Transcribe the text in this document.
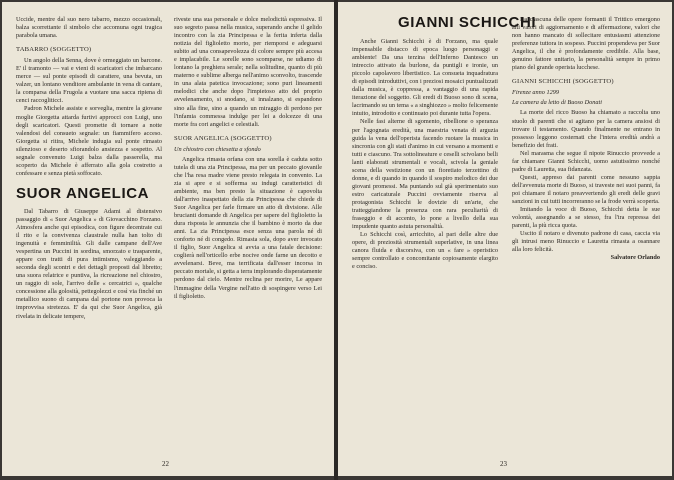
Uccide, mentre dal suo nero tabarro, mezzo occasionali, balza scorrettante il simbolo che accomuna ogni tragica parabola umana.

TABARRO (SOGGETTO)

Un angolo della Senna, dove è ormeggiato un barcone. E' il tramonto — vai e vieni di scaricatori che imbarcano merce — sul ponte episodi di carattere, una bevuta, un valzer, un lontano venditore ambulante in vena di cantare, la comparsa della Frugola a vuotare una sacca ripiena di cenci raccogliticci.

Padron Michele assiste e sorveglia, mentre la giovane moglie Giorgetta attarda furtivi approcci con Luigi, uno degli scaricatori. Questi promette di tornare a notte valendosi del consueto segnale: un fiammifero acceso. Giorgetta si ritira, Michele indugia sul ponte rimasto silenzioso e deserto sfiorandolo ansiezza e sospetto. Al segnale convenuto Luigi balza dalla passerella, ma scoperto da Michele è afferrato alla gola costretto a confessare e senza pietà soffocato.

SUOR ANGELICA

Dal Tabarro di Giuseppe Adami al distensivo passaggio di « Suor Angelica » di Giovacchino Forzano. Atmosfera anche qui episodica, con figure decentrate cui il rito e la convivenza claustrale nulla han tolto di ingenuità e femminilità. Gli dalle campane dell'Ave vespertina un Puccini in sordina, smorzato e trasparente, appare con tratti di pura intimismo, valeggiando a seconda degli scontri e dei dettagli proposti dal libretto; una suora relatrice e puntiva, la ricreazione nel chiostro, un raggio di sole, l'arrivo delle « cercatrici », qualche concessione alla golosità, pettegolezzi e così via finché un metallico suono di campana dal portone non provoca la improvvisa stretezza. E' da qui che Suor Angelica, già rivelata in delicate tempere,

riveste una sua personale e dolce melodicità espressiva. Il suo segreto passa nella musica, superando anche il gelido incontro con la zia Principessa e la ferita inferta dalla notizia del figlioletto morto, per riemporsi e adeguarsi subito ad una consapevolezza di colore sempre più accesa e implacabile. Le sorelle sono scomparse, ne udiamo di lontano la preghiera serale; nella solitudine, quanto di più materno e sublime alberga nell'animo sconvolto, trascende in una alata patetica invocazione; sono puri lineamenti melodici che anche dopo l'impietoso atto del proprio avvelenamento, si snodano, si innalzano, si espandono sino alla fine, sino a quando un miraggio di perdono per l'infamia commessa indulge per lei a dolcezze di una morte fra cori angelici e celestiali.

SUOR ANGELICA (SOGGETTO)
Un chiostro con chiesetta a sfondo

Angelica rimasta orfana con una sorella è caduta sotto tutela di una zia Principessa, ma per un peccato giovanile che l'ha resa madre viene presto relegata in convento. La zia si apre e si sofferma su indugi caratteristici di ambiente, ma ben presto la situazione è capovolta dall'arrivo inaspettato della zia Principessa che chiede di Suor Angelica per farle firmare un atto di divisione. Alle brucianti domande di Angelica per sapere del figlioletto la dura risposta le annunzia che il bambino è morto da due anni. La zia Principessa esce senza una parola né di conforto né di congedo. Rimasta sola, dopo aver invocato il figlio, Suor Angelica si avvia a una fatale decisione: coglierà nell'orticello erbe nocive onde farne un decotto e avvelenarsi. Beve, ma terrificata dall'esser incorsa in peccato mortale, si getta a terra implorando disperatamente perdono dal cielo. Mentre reclina per morire, Le appare l'immagine della Vergine nell'atto di sospingere verso Lei il figlioletto.

22
GIANNI SCHICCHI

Anche Gianni Schicchi è di Forzano, ma quale impensabile distacco di epoca luogo personaggi e ambiente! Da una terzina dell'Inferno Dantesco un intreccio attivato da burlone, da puntigli e ironie, un piccolo capolavoro libertistico. La consueta inquadratura di episodi introduttivi, con i preziosi mosaici puntualizzati dalla musica, è coppressa, a vantaggio di una rapida iterazione del soggetto. Gli eredi di Buoso sono di scena, lacrimando su un tema « a singhiozzo » molto felicemente intuito, introdotto e continuato poi durante tutta l'opera.

Nelle fasi alterne di sgomento, ribellione o speranza per l'agognata eredità, una maestria venata di arguzia guida la vena dell'operista facendo ruotare la musica in sincronia con gli stati d'animo in cui versano a momenti e tutti e ciascuno. Tra sottolineature e ceselli scivolano belli lanti elaborati strumentali e vocali, scivola la geniale scena della vestizione con un fioretiato terzettino di donne, e di quando in quando il sospiro melodico dei due giovani promessi. Ma puntando sul già sperimentato suo estro caricaturale Puccini ovviamente riserva al protagonista Schicchi le dovizie di un'arte, che tratteggiandone la presenza con rara peculiarità di fraseggio e di accento, lo pone a livello della sua impudente quanto astuta personalità.

Lo Schicchi così, arricchito, al pari delle altre due opere, di preziosità strumentali superlative, in una linea canora fluida e discorsiva, con un « fare » operistico sempre controllato e concomitante copiosamente elargito e conciso.

Da ciascuna delle opere formanti il Trittico emergono alti valori di aggiornamento e di affermazione, valori che non hanno mancato di sollecitare entusiasmi attenzione preferenze tuttora in sospeso. Puccini propendeva per Suor Angelica, il che è profondamente credibile. Alla base, genuino fattore unitario, la personalità sempre in primo piano del grande operista lucchese.

GIANNI SCHICCHI (SOGGETTO)
Firenze anno 1299
La camera da letto di Buoso Donati

La morte del ricco Buoso ha chiamato a raccolta uno stuolo di parenti che si agitano per la camera ansiosi di trovare il testamento. Quando finalmente ne entrano in possesso leggono costernati che l'intera eredità andrà a benefizio dei frati.

Nel marasma che segue il nipote Rinuccio provvede a far chiamare Gianni Schicchi, uomo astutissimo nonché padre di Lauretta, sua fidanzata.

Questi, appreso dai parenti come nessuno sappia dell'avvenuta morte di Buoso, si traveste nei suoi panni, fa poi chiamare il notaro preavvertendo gli eredi delle gravi sanzioni in cui tutti incorreranno se la frode verrà scoperta.

Imitando la voce di Buoso, Schicchi detta le sue volontà, assegnando a se stesso, fra l'ira repressa dei parenti, la più ricca quota.

Uscito il notaro e divenuto padrone di casa, caccia via gli intrusi meno Rinuccio e Lauretta rimasta a osannare alla loro felicità.

Salvatore Orlando

23
